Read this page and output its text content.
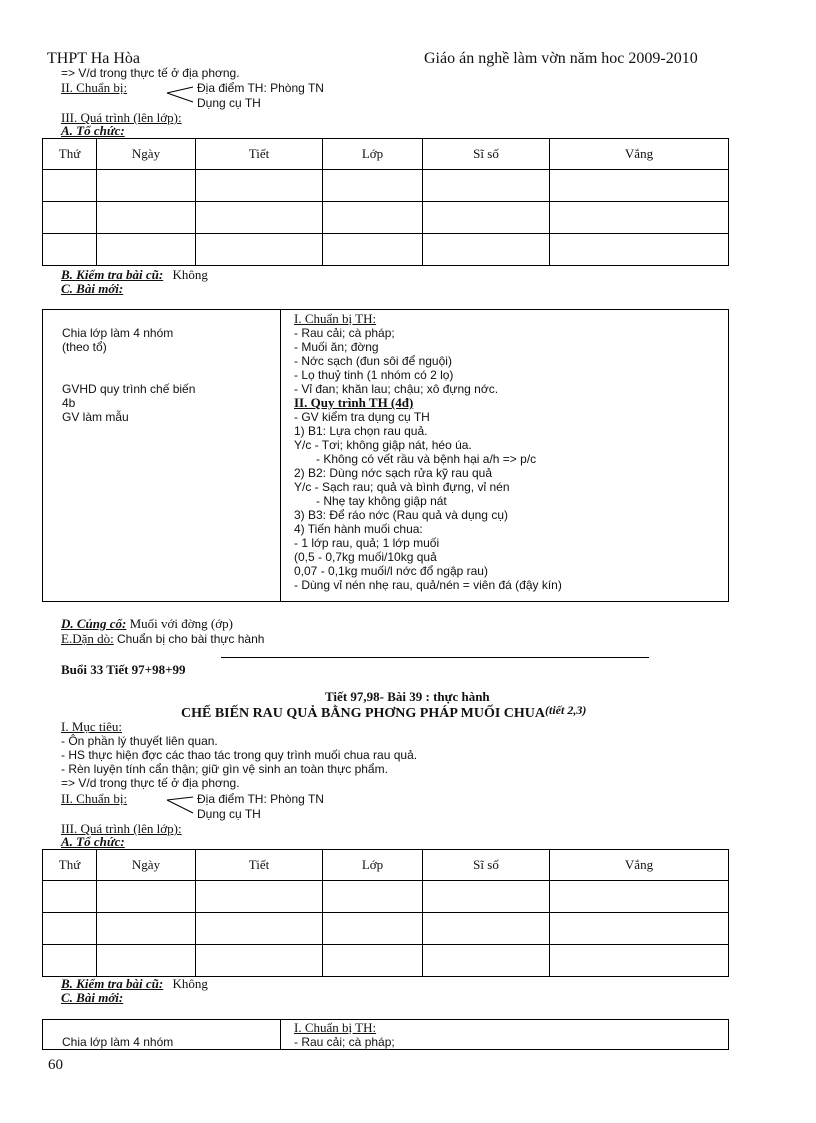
THPT Ha Hòa	Giáo án nghề làm vờn năm hoc 2009-2010
=> V/d trong thực tế ở địa phơng.
II. Chuẩn bị:	Địa điểm TH: Phòng TN
Dụng cụ TH
III. Quá trình (lên lớp):
A. Tổ chức:
Thứ	Ngày	Tiết	Lớp	Sĩ số	Vắng

B. Kiểm tra bài cũ: Không
C. Bài mới:
Chia lớp làm 4 nhóm
(theo tổ)

GVHD quy trình chế biến
4b
GV làm mẫu
I. Chuẩn bị TH:
- Rau cải; cà pháp;
- Muối ăn; đờng
- Nớc sạch (đun sôi để nguội)
- Lọ thuỷ tinh (1 nhóm có 2 lọ)
- Vỉ đan; khăn lau; chậu; xô đựng nớc.
II. Quy trình TH (4đ)
- GV kiểm tra dụng cụ TH
1) B1: Lựa chọn rau quả.
Y/c - Tơi; không giập nát, héo úa.
- Không có vết rầu và bệnh hại a/h => p/c
2) B2: Dùng nớc sạch rửa kỹ rau quả
Y/c - Sạch rau; quả và bình đựng, vỉ nén
- Nhẹ tay không giập nát
3) B3: Để ráo nớc (Rau quả và dụng cụ)
4) Tiến hành muối chua:
- 1 lớp rau, quả; 1 lớp muối
(0,5 - 0,7kg muối/10kg quả
0,07 - 0,1kg muối/l nớc đổ ngập rau)
- Dùng vỉ nén nhẹ rau, quả/nén = viên đá (đậy kín)
D. Củng cố: Muối với đờng (ớp)
E.Dặn dò: Chuẩn bị cho bài thực hành
Buổi 33 Tiết 97+98+99
Tiết 97,98- Bài 39 : thực hành
CHẾ BIẾN RAU QUẢ BẰNG PHƠNG PHÁP MUỐI CHUA(tiết 2,3)
I. Mục tiêu:
- Ôn phần lý thuyết liên quan.
- HS thực hiện đợc các thao tác trong quy trình muối chua rau quả.
- Rèn luyện tính cẩn thận; giữ gìn vệ sinh an toàn thực phẩm.
=> V/d trong thực tế ở địa phơng.
II. Chuẩn bị:	Địa điểm TH: Phòng TN
Dụng cụ TH
III. Quá trình (lên lớp):
A. Tổ chức:
Thứ	Ngày	Tiết	Lớp	Sĩ số	Vắng

B. Kiểm tra bài cũ: Không
C. Bài mới:
Chia lớp làm 4 nhóm
I. Chuẩn bị TH:
- Rau cải; cà pháp;
60
